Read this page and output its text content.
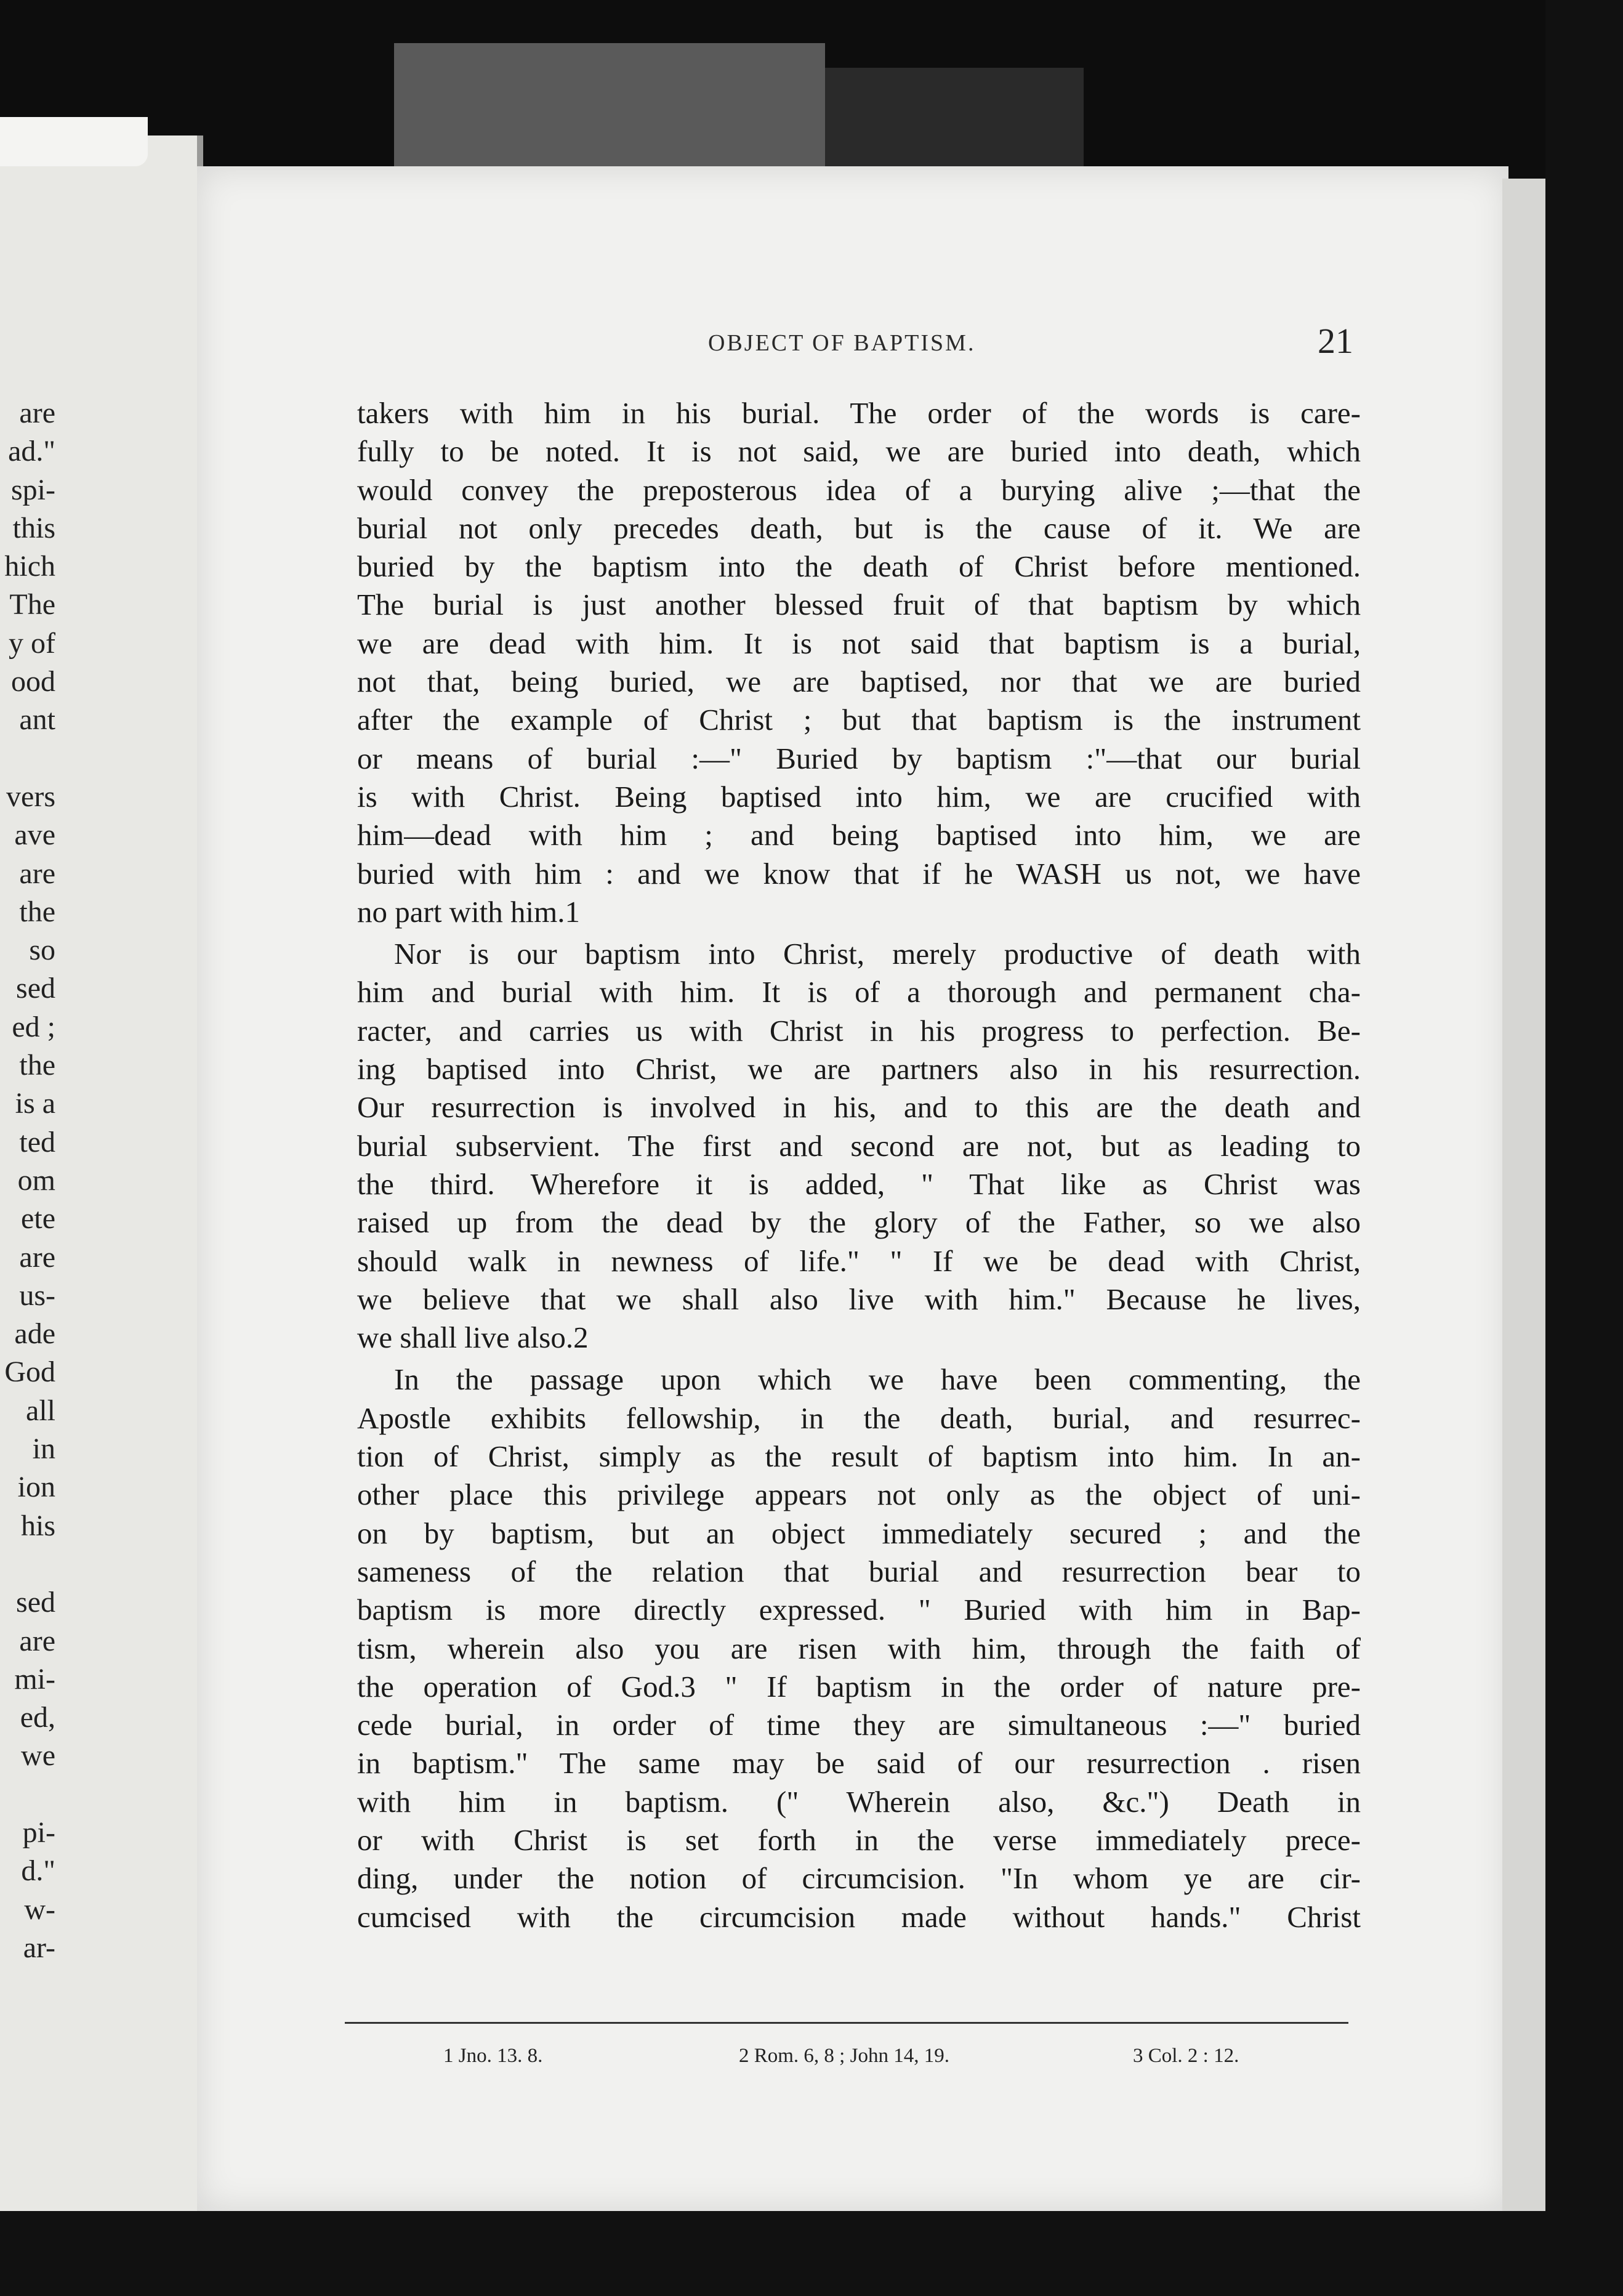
are
ad."
spi-
this
hich
The
y of
ood
ant
vers
ave
are
the
so
sed
ed ;
the
is a
ted
om
ete
are
us-
ade
God
all
in
ion
his
sed
are
mi-
ed,
we
pi-
d."
w-
ar-
OBJECT OF BAPTISM.	21
takers with him in his burial. The order of the words is care-
fully to be noted. It is not said, we are buried into death, which
would convey the preposterous idea of a burying alive ;—that the
burial not only precedes death, but is the cause of it. We are
buried by the baptism into the death of Christ before mentioned.
The burial is just another blessed fruit of that baptism by which
we are dead with him. It is not said that baptism is a burial,
not that, being buried, we are baptised, nor that we are buried
after the example of Christ ; but that baptism is the instrument
or means of burial :—" Buried by baptism :"—that our burial
is with Christ. Being baptised into him, we are crucified with
him—dead with him ; and being baptised into him, we are
buried with him : and we know that if he WASH us not, we have
no part with him.1
Nor is our baptism into Christ, merely productive of death with
him and burial with him. It is of a thorough and permanent cha-
racter, and carries us with Christ in his progress to perfection. Be-
ing baptised into Christ, we are partners also in his resurrection.
Our resurrection is involved in his, and to this are the death and
burial subservient. The first and second are not, but as leading to
the third. Wherefore it is added, " That like as Christ was
raised up from the dead by the glory of the Father, so we also
should walk in newness of life." " If we be dead with Christ,
we believe that we shall also live with him." Because he lives,
we shall live also.2
In the passage upon which we have been commenting, the
Apostle exhibits fellowship, in the death, burial, and resurrec-
tion of Christ, simply as the result of baptism into him. In an-
other place this privilege appears not only as the object of uni-
on by baptism, but an object immediately secured ; and the
sameness of the relation that burial and resurrection bear to
baptism is more directly expressed. " Buried with him in Bap-
tism, wherein also you are risen with him, through the faith of
the operation of God.3 " If baptism in the order of nature pre-
cede burial, in order of time they are simultaneous :—" buried
in baptism." The same may be said of our resurrection . risen
with him in baptism. (" Wherein also, &c.") Death in
or with Christ is set forth in the verse immediately prece-
ding, under the notion of circumcision. "In whom ye are cir-
cumcised with the circumcision made without hands." Christ
1 Jno. 13. 8.	2 Rom. 6, 8 ; John 14, 19.	3 Col. 2 : 12.
